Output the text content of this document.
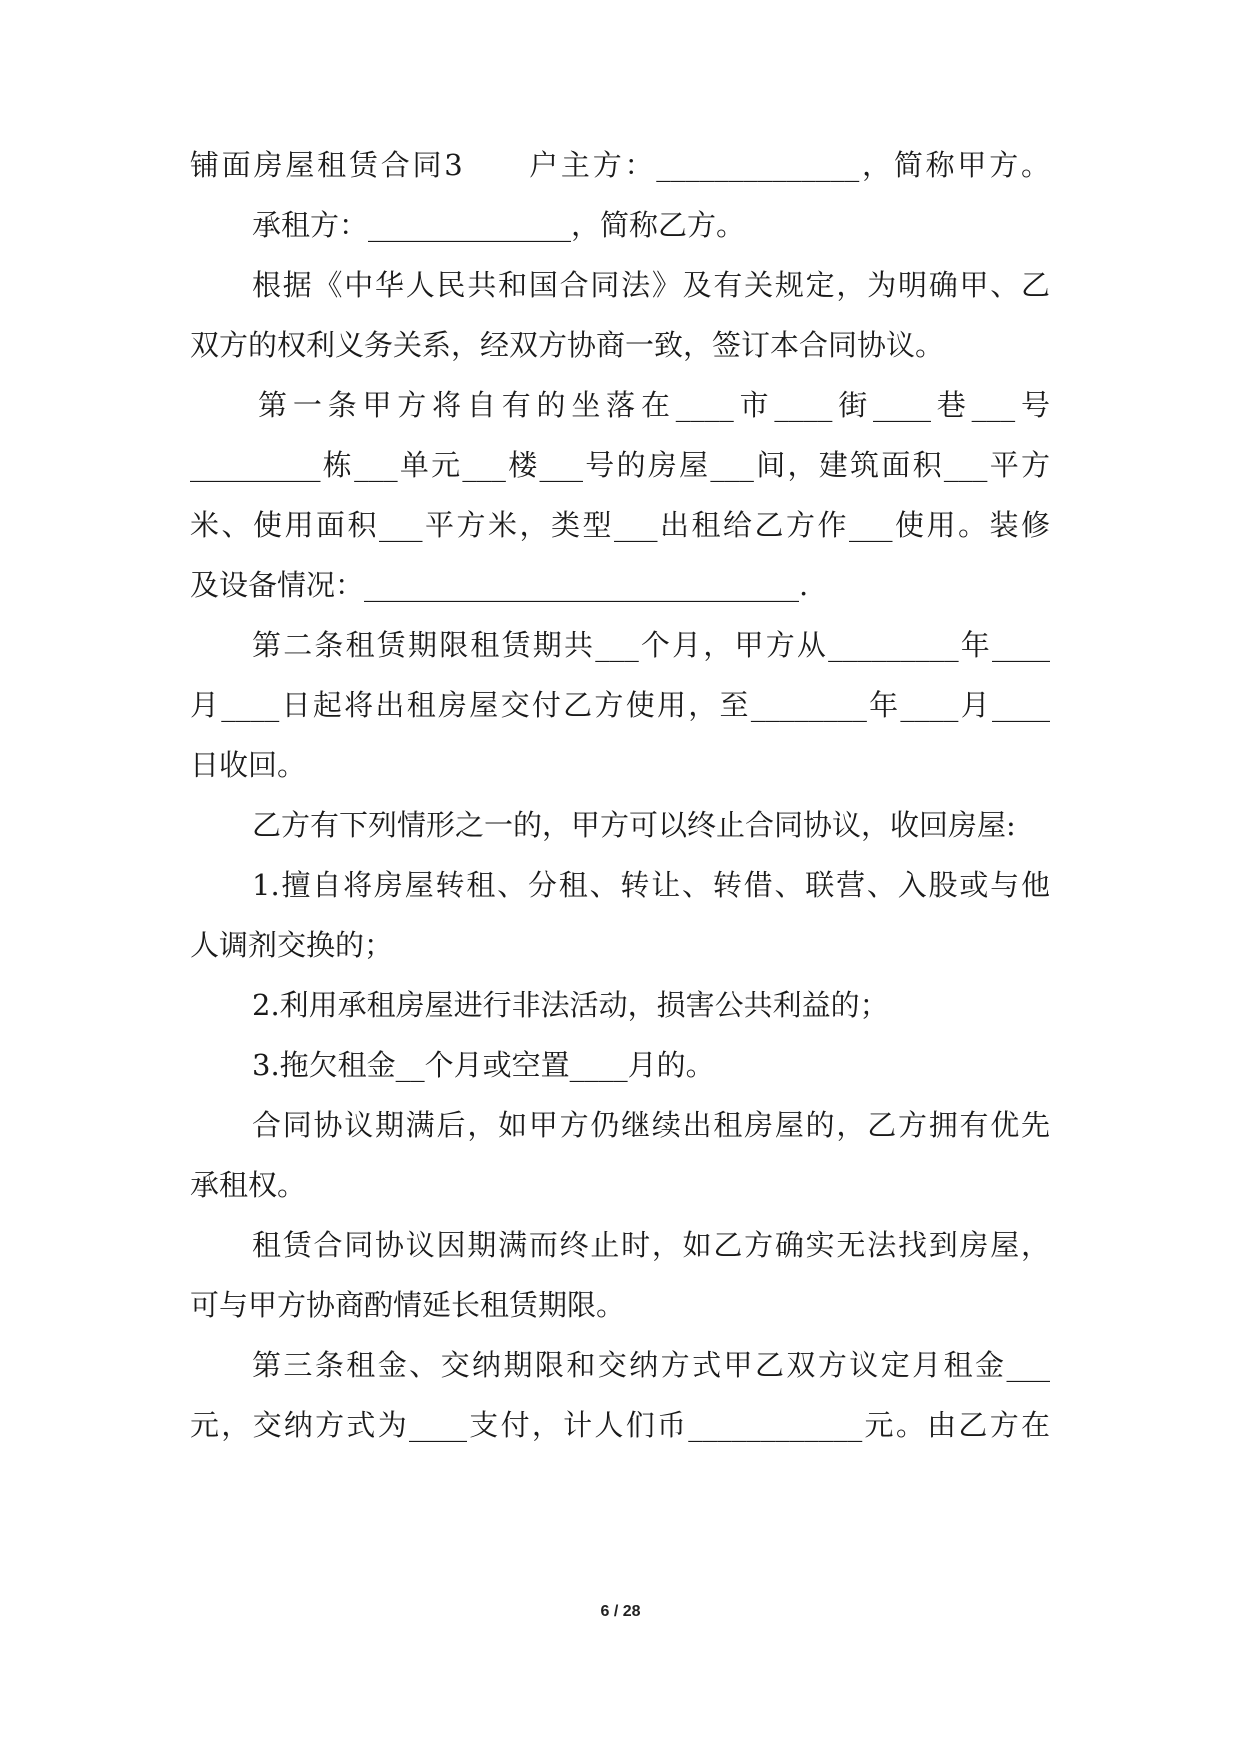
铺面房屋租赁合同3　　户主方：______________，简称甲方。
承租方：______________，简称乙方。
根据《中华人民共和国合同法》及有关规定，为明确甲、乙
双方的权利义务关系，经双方协商一致，签订本合同协议。
第一条甲方将自有的坐落在____市____街____巷___号
_________栋___单元___楼___号的房屋___间，建筑面积___平方
米、使用面积___平方米，类型___出租给乙方作___使用。装修
及设备情况：______________________________.
第二条租赁期限租赁期共___个月，甲方从_________年____
月____日起将出租房屋交付乙方使用，至________年____月____
日收回。
乙方有下列情形之一的，甲方可以终止合同协议，收回房屋:
1.擅自将房屋转租、分租、转让、转借、联营、入股或与他
人调剂交换的；
2.利用承租房屋进行非法活动，损害公共利益的；
3.拖欠租金__个月或空置____月的。
合同协议期满后，如甲方仍继续出租房屋的，乙方拥有优先
承租权。
租赁合同协议因期满而终止时，如乙方确实无法找到房屋，
可与甲方协商酌情延长租赁期限。
第三条租金、交纳期限和交纳方式甲乙双方议定月租金___
元，交纳方式为____支付，计人们币____________元。由乙方在
6 / 28
